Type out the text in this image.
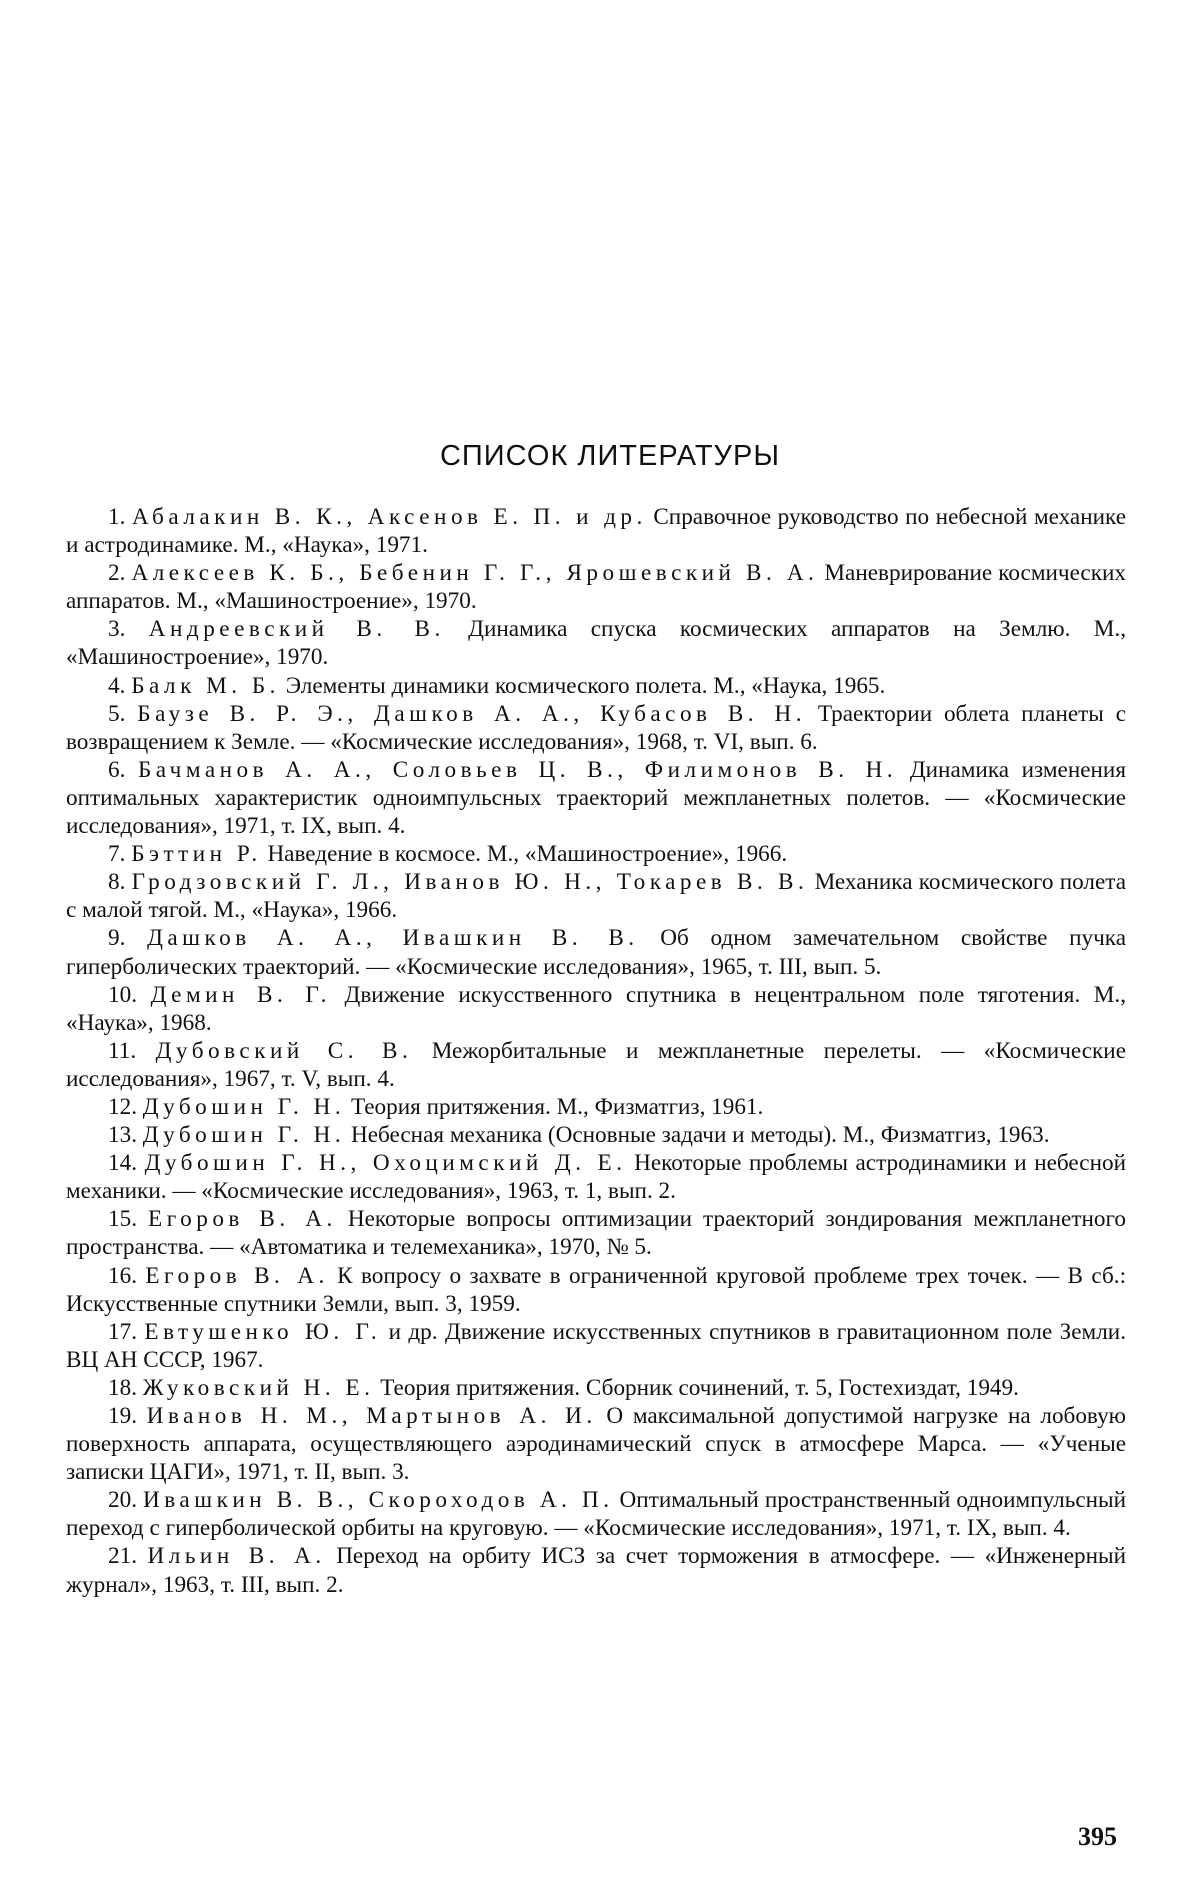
СПИСОК ЛИТЕРАТУРЫ

1. Абалакин В. К., Аксенов Е. П. и др. Справочное руководство по небесной механике и астродинамике. М., «Наука», 1971.

2. Алексеев К. Б., Бебенин Г. Г., Ярошевский В. А. Маневрирование космических аппаратов. М., «Машиностроение», 1970.

3. Андреевский В. В. Динамика спуска космических аппаратов на Землю. М., «Машиностроение», 1970.

4. Балк М. Б. Элементы динамики космического полета. М., «Наука, 1965.

5. Баузе В. Р. Э., Дашков А. А., Кубасов В. Н. Траектории облета планеты с возвращением к Земле. — «Космические исследования», 1968, т. VI, вып. 6.

6. Бачманов А. А., Соловьев Ц. В., Филимонов В. Н. Динамика изменения оптимальных характеристик одноимпульсных траекторий межпланетных полетов. — «Космические исследования», 1971, т. IX, вып. 4.

7. Бэттин Р. Наведение в космосе. М., «Машиностроение», 1966.

8. Гродзовский Г. Л., Иванов Ю. Н., Токарев В. В. Механика космического полета с малой тягой. М., «Наука», 1966.

9. Дашков А. А., Ивашкин В. В. Об одном замечательном свойстве пучка гиперболических траекторий. — «Космические исследования», 1965, т. III, вып. 5.

10. Демин В. Г. Движение искусственного спутника в нецентральном поле тяготения. М., «Наука», 1968.

11. Дубовский С. В. Межорбитальные и межпланетные перелеты. — «Космические исследования», 1967, т. V, вып. 4.

12. Дубошин Г. Н. Теория притяжения. М., Физматгиз, 1961.

13. Дубошин Г. Н. Небесная механика (Основные задачи и методы). М., Физматгиз, 1963.

14. Дубошин Г. Н., Охоцимский Д. Е. Некоторые проблемы астродинамики и небесной механики. — «Космические исследования», 1963, т. 1, вып. 2.

15. Егоров В. А. Некоторые вопросы оптимизации траекторий зондирования межпланетного пространства. — «Автоматика и телемеханика», 1970, № 5.

16. Егоров В. А. К вопросу о захвате в ограниченной круговой проблеме трех точек. — В сб.: Искусственные спутники Земли, вып. 3, 1959.

17. Евтушенко Ю. Г. и др. Движение искусственных спутников в гравитационном поле Земли. ВЦ АН СССР, 1967.

18. Жуковский Н. Е. Теория притяжения. Сборник сочинений, т. 5, Гостехиздат, 1949.

19. Иванов Н. М., Мартынов А. И. О максимальной допустимой нагрузке на лобовую поверхность аппарата, осуществляющего аэродинамический спуск в атмосфере Марса. — «Ученые записки ЦАГИ», 1971, т. II, вып. 3.

20. Ивашкин В. В., Скороходов А. П. Оптимальный пространственный одноимпульсный переход с гиперболической орбиты на круговую. — «Космические исследования», 1971, т. IX, вып. 4.

21. Ильин В. А. Переход на орбиту ИСЗ за счет торможения в атмосфере. — «Инженерный журнал», 1963, т. III, вып. 2.

395
